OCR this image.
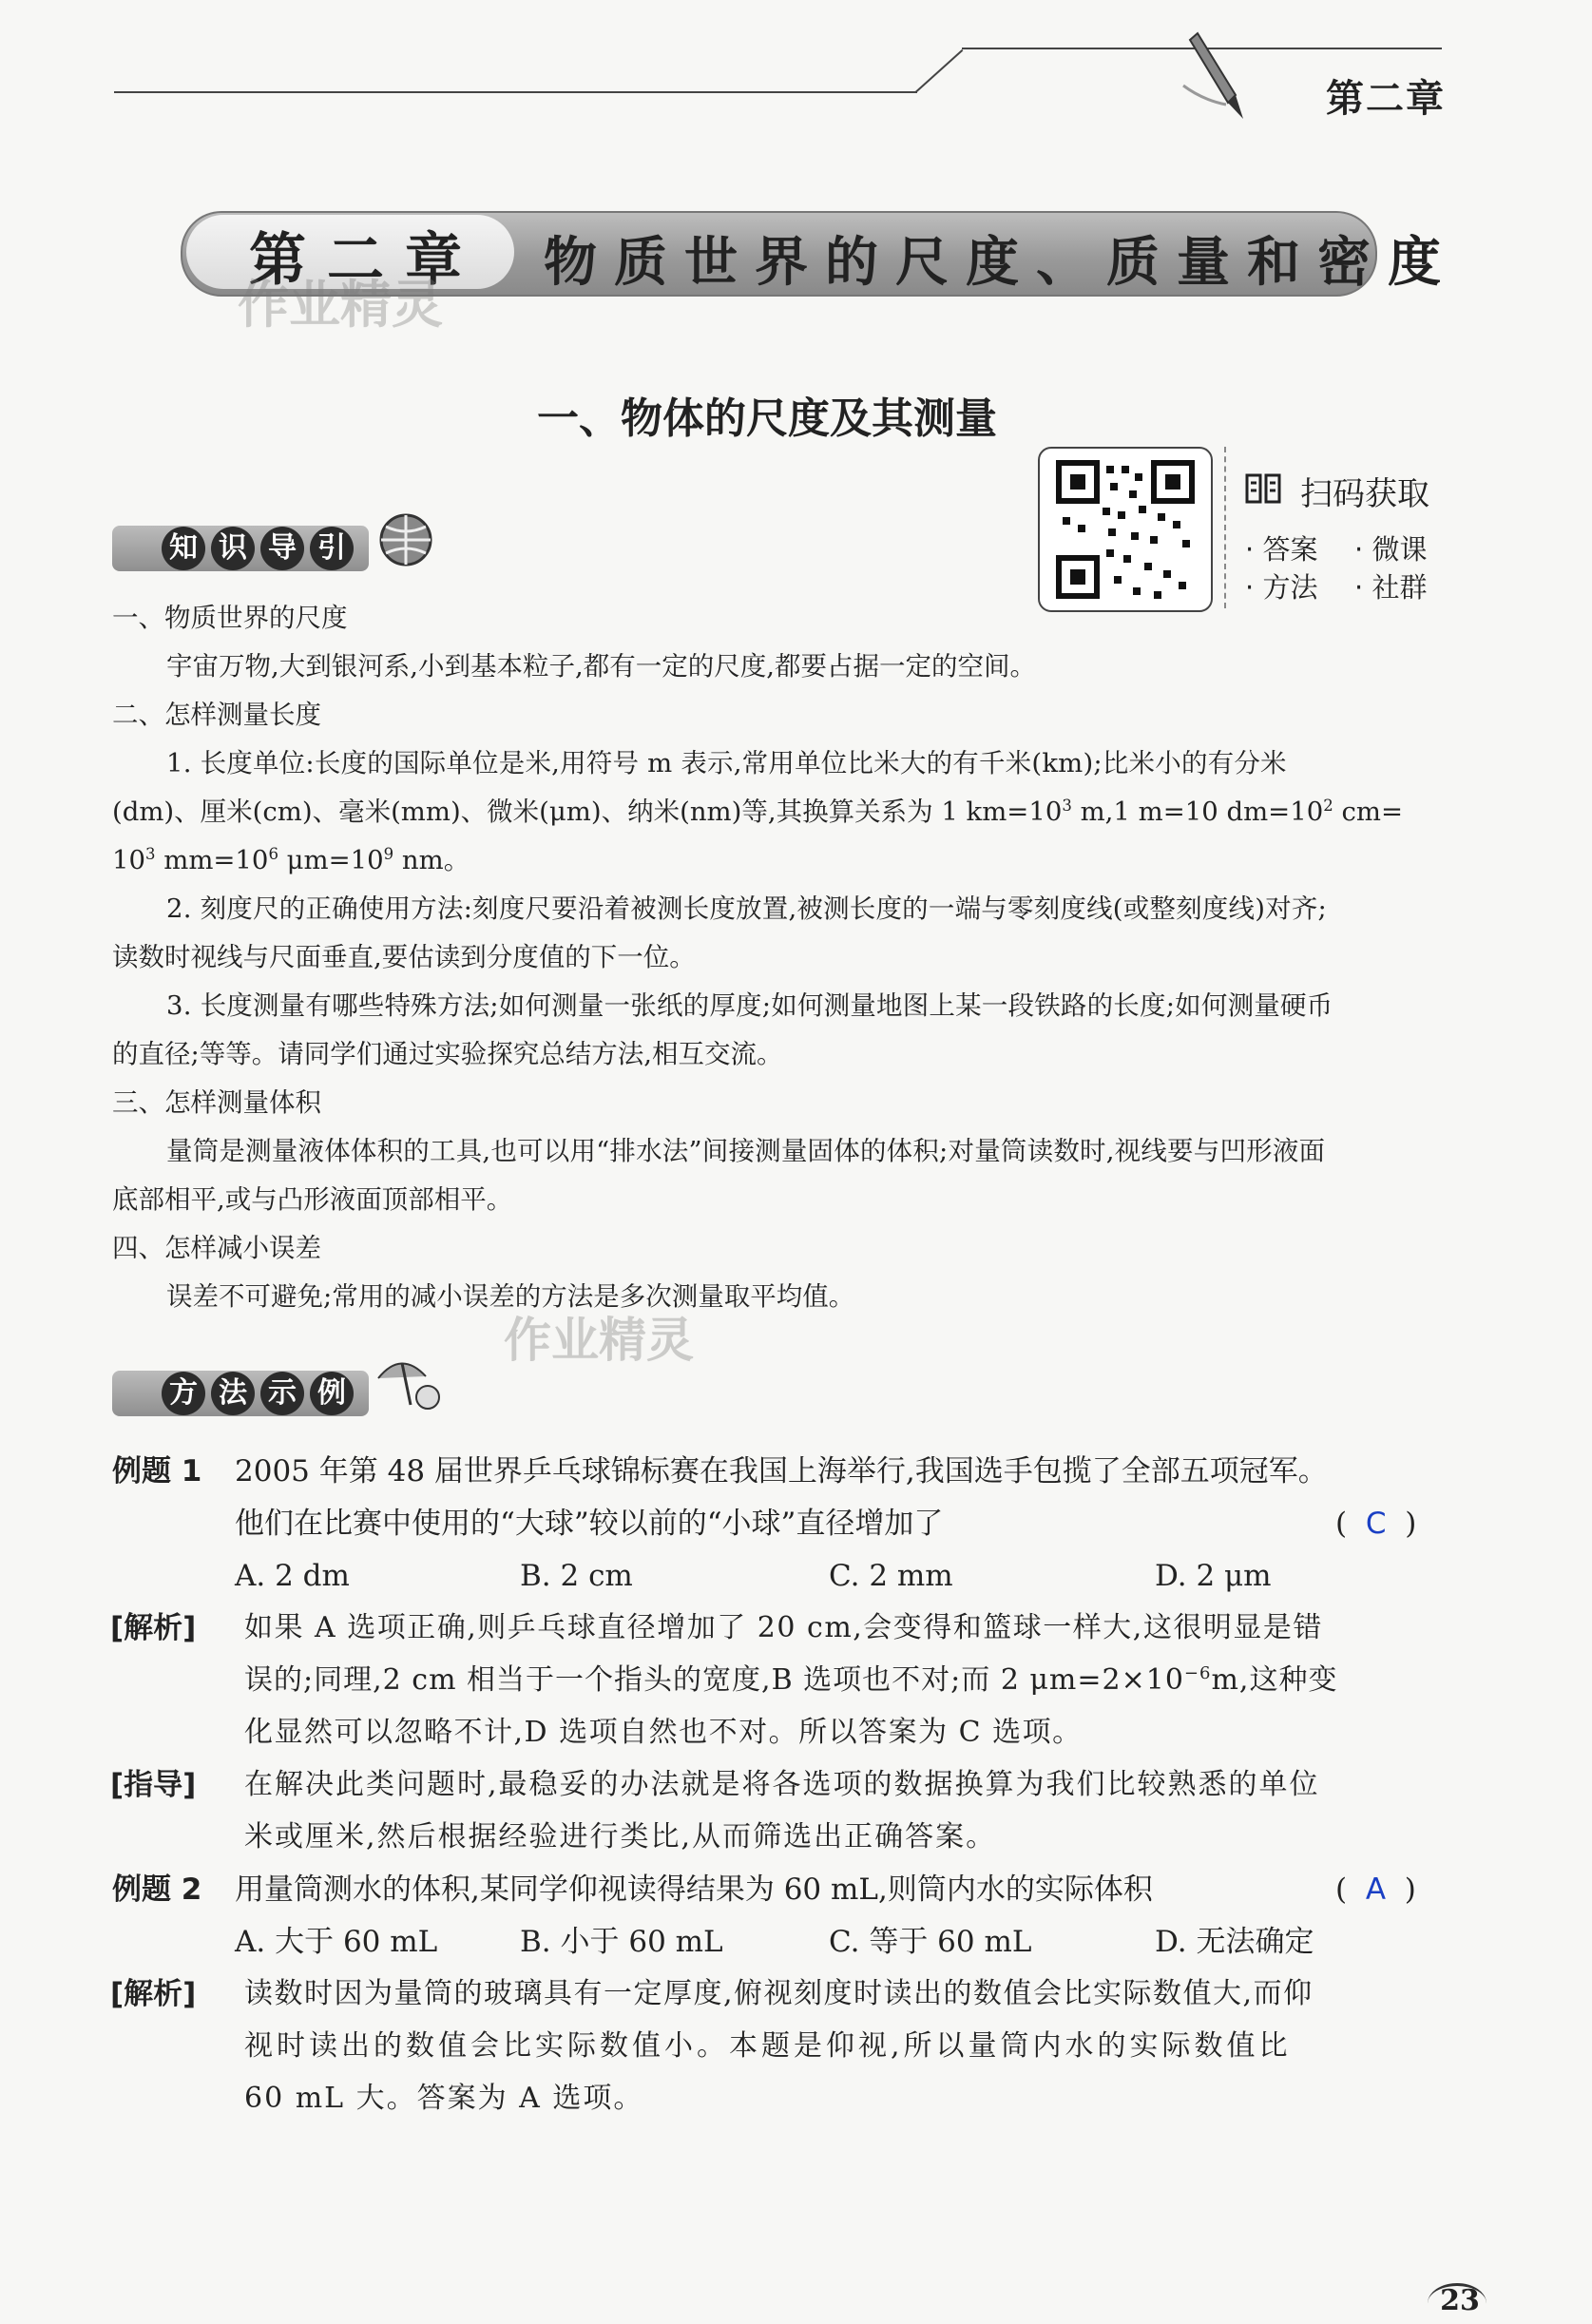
第二章
第二章 物质世界的尺度、质量和密度
作业精灵
一、物体的尺度及其测量
扫码获取
· 答案 · 微课
· 方法 · 社群
知 识 导 引
一、物质世界的尺度
宇宙万物,大到银河系,小到基本粒子,都有一定的尺度,都要占据一定的空间。
二、怎样测量长度
1. 长度单位:长度的国际单位是米,用符号 m 表示,常用单位比米大的有千米(km);比米小的有分米
(dm)、厘米(cm)、毫米(mm)、微米(μm)、纳米(nm)等,其换算关系为 1 $km=10^3$ m,1 m=10 $dm=10^2$ cm=
$10^3$ $mm=10^6$ $\mu m=10^9$ nm。
2. 刻度尺的正确使用方法:刻度尺要沿着被测长度放置,被测长度的一端与零刻度线(或整刻度线)对齐;
读数时视线与尺面垂直,要估读到分度值的下一位。
3. 长度测量有哪些特殊方法;如何测量一张纸的厚度;如何测量地图上某一段铁路的长度;如何测量硬币
的直径;等等。请同学们通过实验探究总结方法,相互交流。
三、怎样测量体积
量筒是测量液体体积的工具,也可以用“排水法”间接测量固体的体积;对量筒读数时,视线要与凹形液面
底部相平,或与凸形液面顶部相平。
四、怎样减小误差
误差不可避免;常用的减小误差的方法是多次测量取平均值。
作业精灵
方 法 示 例
例题 1 2005 年第 48 届世界乒乓球锦标赛在我国上海举行,我国选手包揽了全部五项冠军。
他们在比赛中使用的“大球”较以前的“小球”直径增加了	( C )
A. 2 dm	B. 2 cm	C. 2 mm	D. 2 μm
[解析] 如果 A 选项正确,则乒乓球直径增加了 20 cm,会变得和篮球一样大,这很明显是错
误的;同理,2 cm 相当于一个指头的宽度,B 选项也不对;而 2 $\mu m=2\times 10^{-6}m$,这种变
化显然可以忽略不计,D 选项自然也不对。所以答案为 C 选项。
[指导] 在解决此类问题时,最稳妥的办法就是将各选项的数据换算为我们比较熟悉的单位
米或厘米,然后根据经验进行类比,从而筛选出正确答案。
例题 2 用量筒测水的体积,某同学仰视读得结果为 60 mL,则筒内水的实际体积	( A )
A. 大于 60 mL	B. 小于 60 mL	C. 等于 60 mL	D. 无法确定
[解析] 读数时因为量筒的玻璃具有一定厚度,俯视刻度时读出的数值会比实际数值大,而仰
视时读出的数值会比实际数值小。本题是仰视,所以量筒内水的实际数值比
60 mL 大。答案为 A 选项。
23
